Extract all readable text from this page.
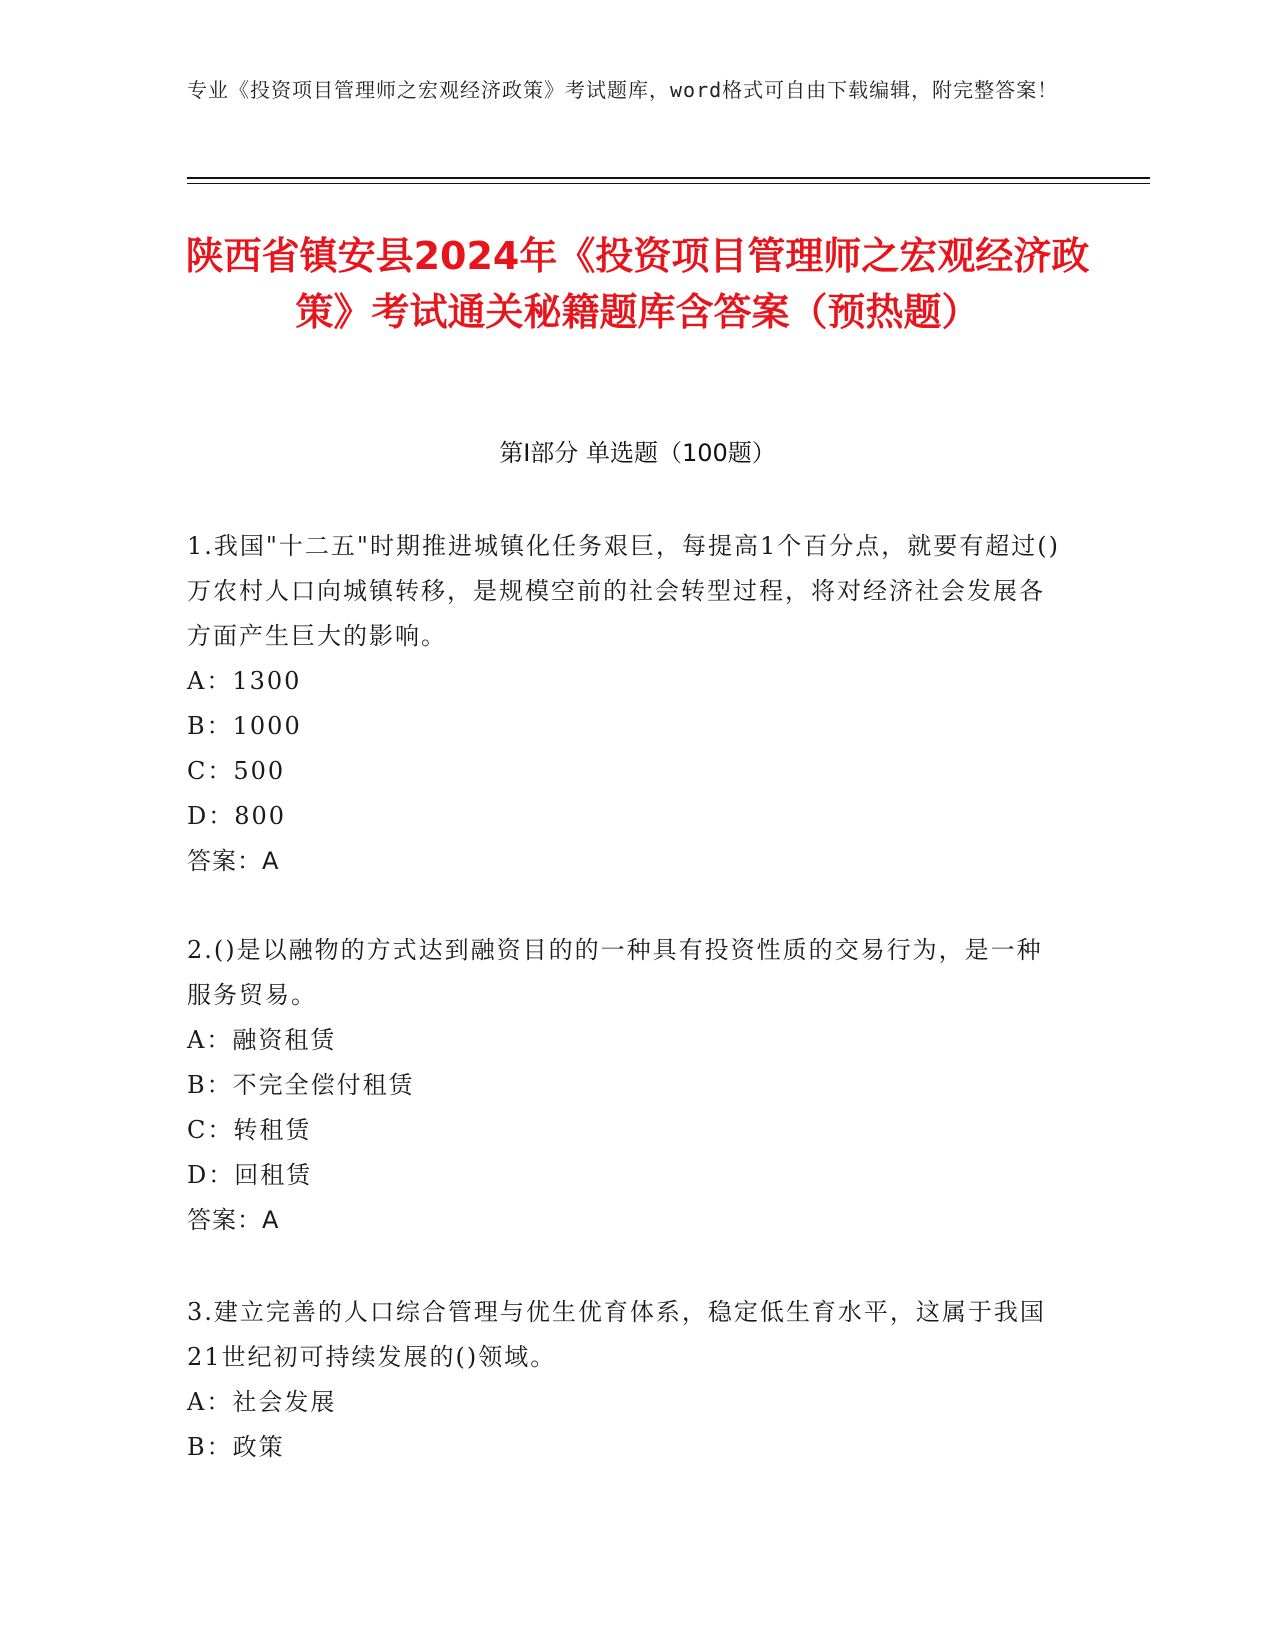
专业《投资项目管理师之宏观经济政策》考试题库，word格式可自由下载编辑，附完整答案！
陕西省镇安县2024年《投资项目管理师之宏观经济政策》考试通关秘籍题库含答案（预热题）
第Ⅰ部分 单选题（100题）
1.我国"十二五"时期推进城镇化任务艰巨，每提高1个百分点，就要有超过()万农村人口向城镇转移，是规模空前的社会转型过程，将对经济社会发展各方面产生巨大的影响。
A：1300
B：1000
C：500
D：800
答案：A
2.()是以融物的方式达到融资目的的一种具有投资性质的交易行为，是一种服务贸易。
A：融资租赁
B：不完全偿付租赁
C：转租赁
D：回租赁
答案：A
3.建立完善的人口综合管理与优生优育体系，稳定低生育水平，这属于我国21世纪初可持续发展的()领域。
A：社会发展
B：政策
